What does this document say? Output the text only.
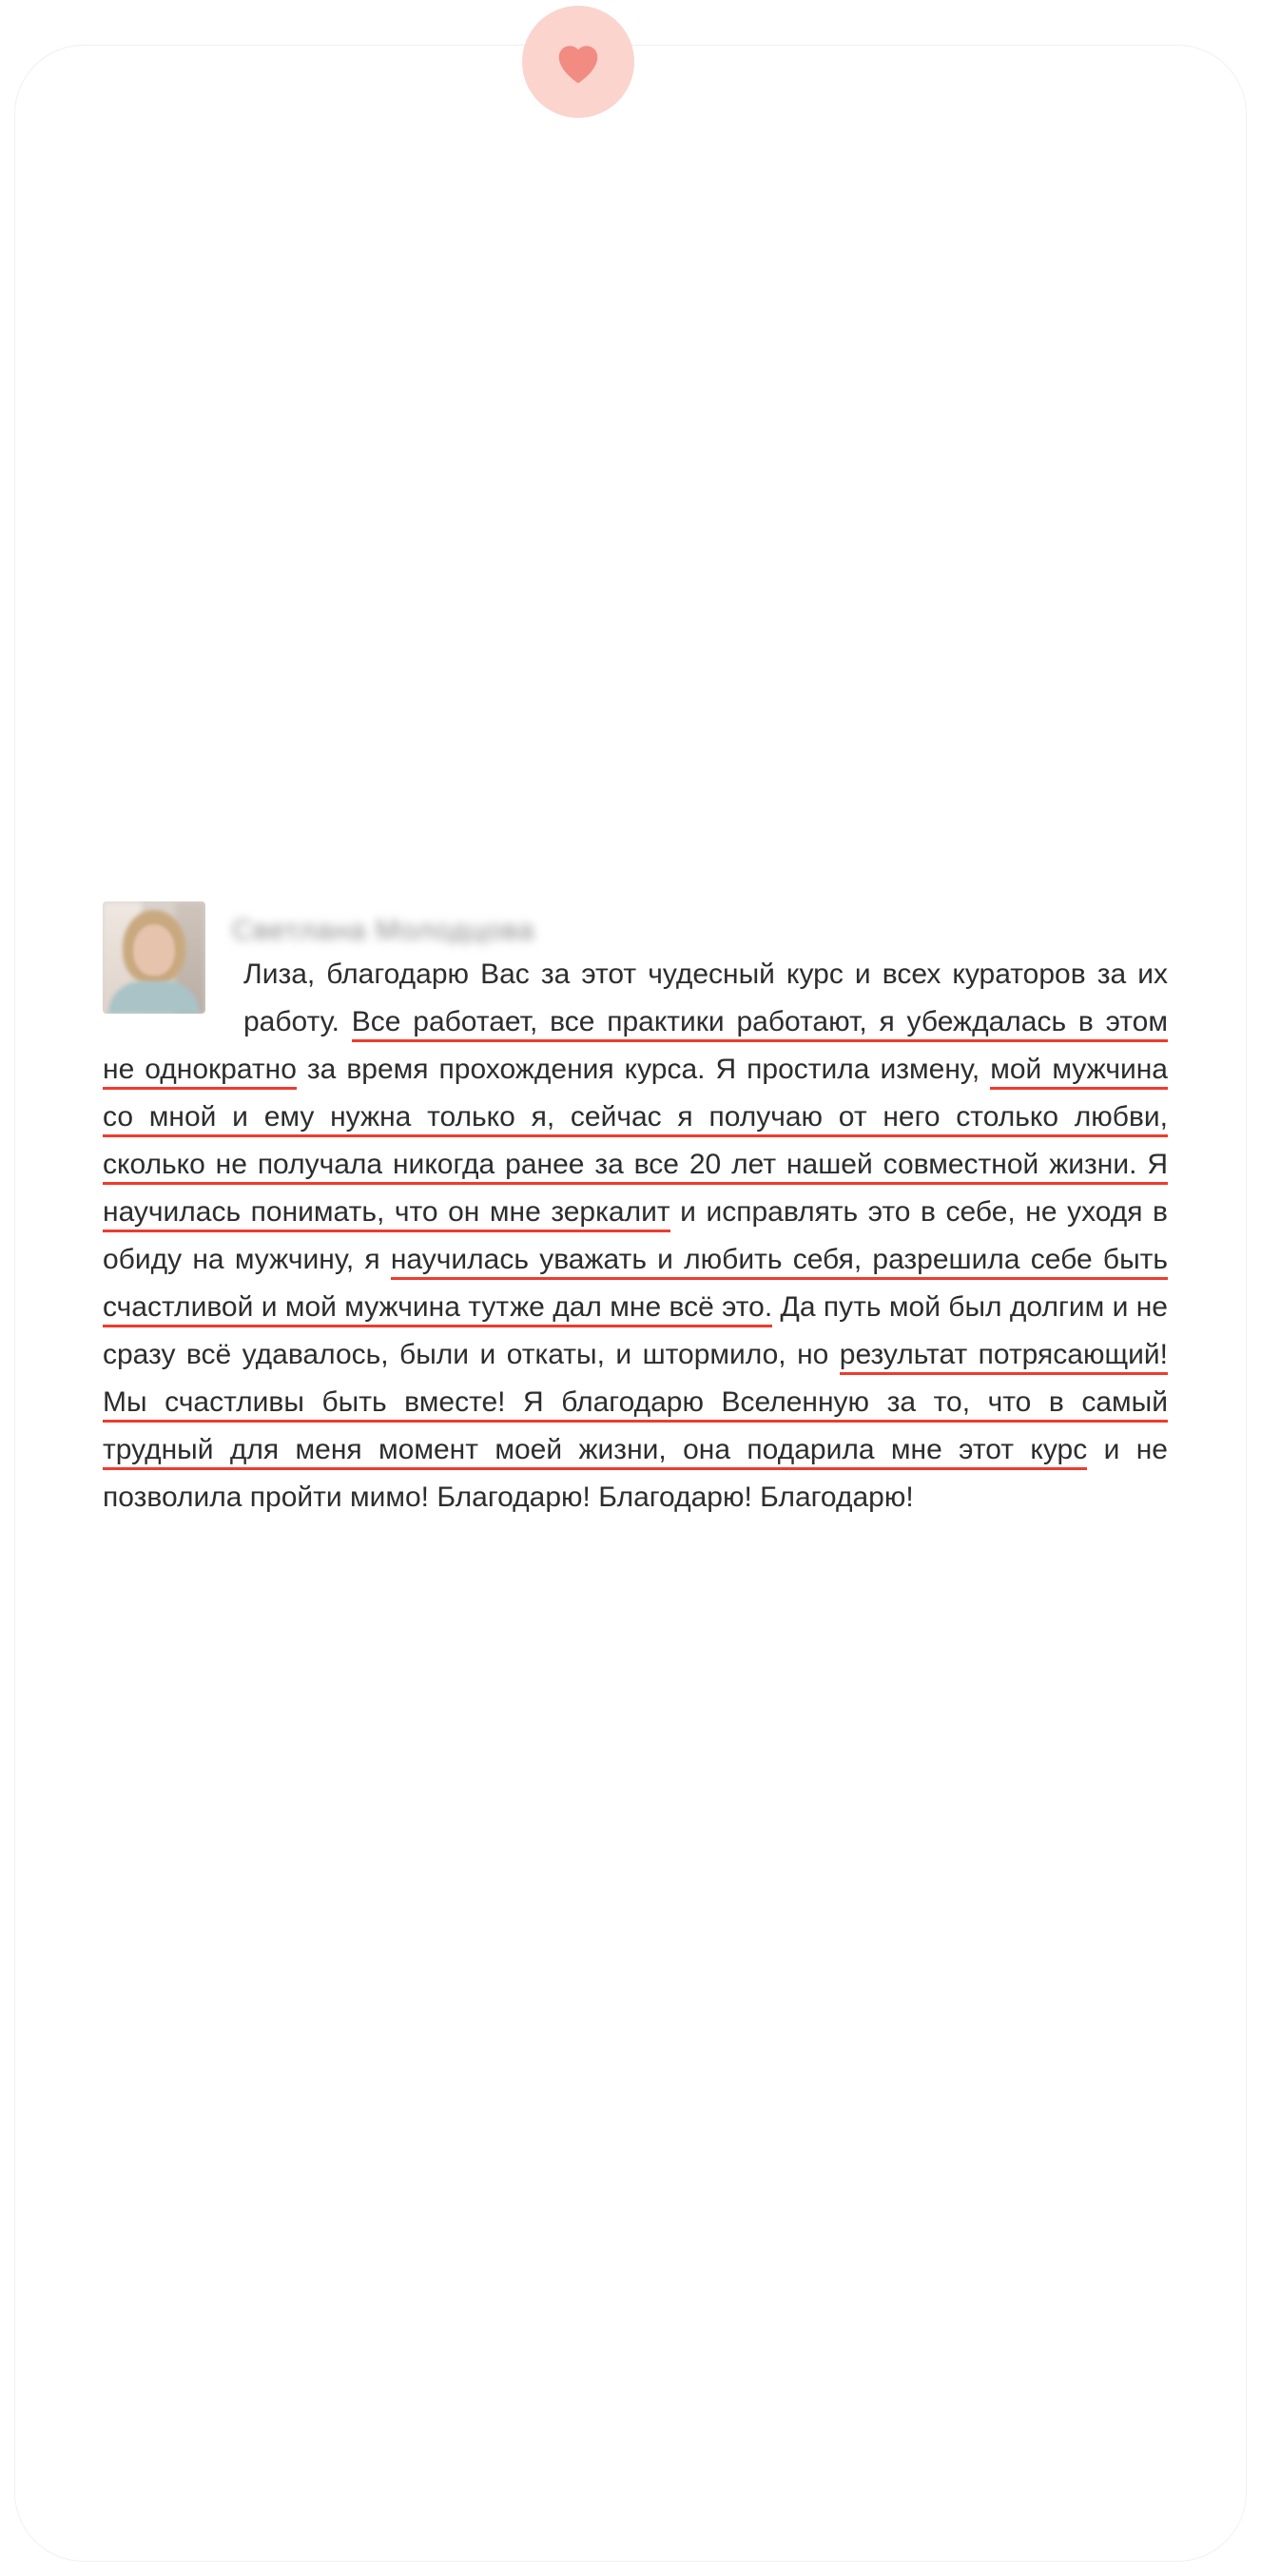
Светлана Молодцова
Лиза, благодарю Вас за этот чудесный курс и всех кураторов за их работу. Все работает, все практики работают, я убеждалась в этом не однократно за время прохождения курса. Я простила измену, мой мужчина со мной и ему нужна только я, сейчас я получаю от него столько любви, сколько не получала никогда ранее за все 20 лет нашей совместной жизни. Я научилась понимать, что он мне зеркалит и исправлять это в себе, не уходя в обиду на мужчину, я научилась уважать и любить себя, разрешила себе быть счастливой и мой мужчина тутже дал мне всё это. Да путь мой был долгим и не сразу всё удавалось, были и откаты, и штормило, но результат потрясающий! Мы счастливы быть вместе! Я благодарю Вселенную за то, что в самый трудный для меня момент моей жизни, она подарила мне этот курс и не позволила пройти мимо! Благодарю! Благодарю! Благодарю!
